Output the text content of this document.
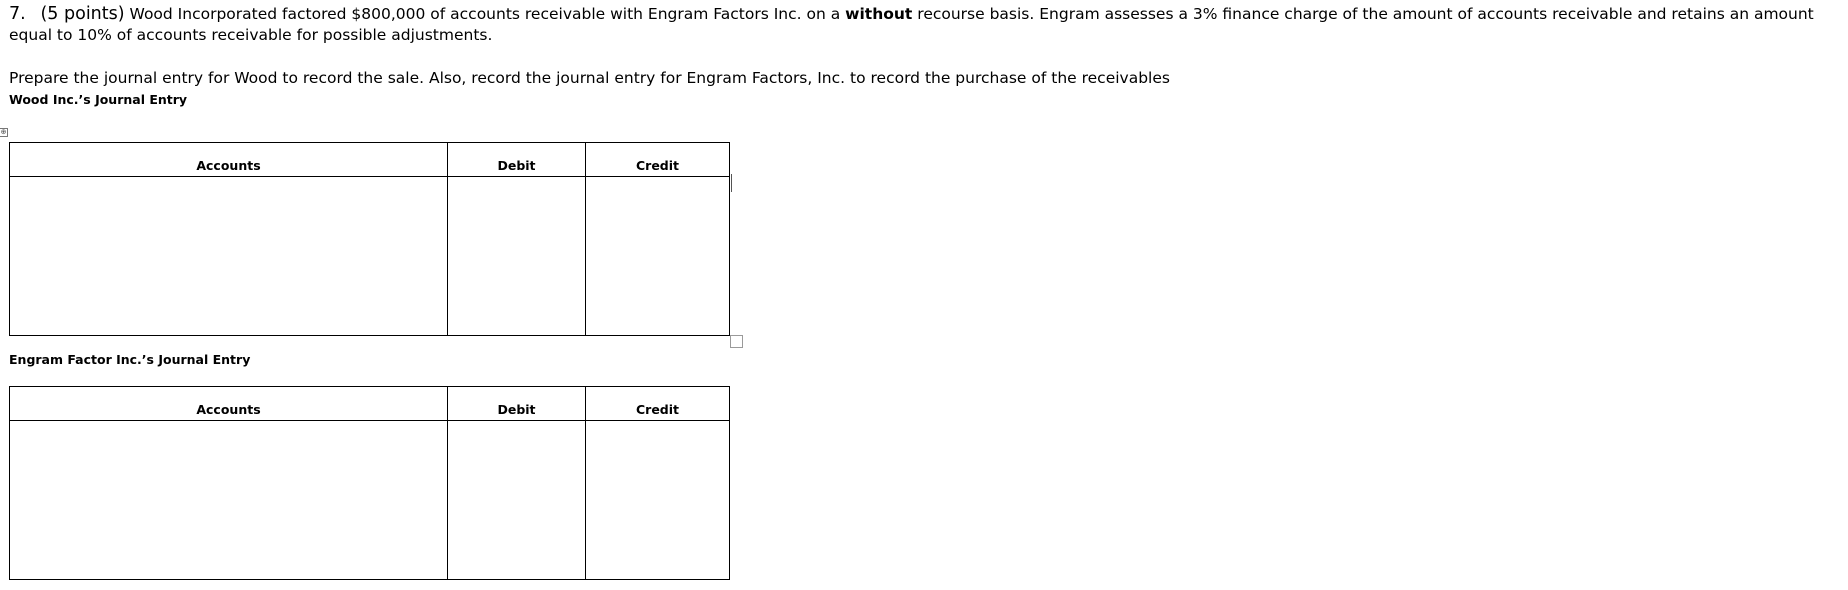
7. (5 points) Wood Incorporated factored $800,000 of accounts receivable with Engram Factors Inc. on a without recourse basis. Engram assesses a 3% finance charge of the amount of accounts receivable and retains an amount equal to 10% of accounts receivable for possible adjustments.
Prepare the journal entry for Wood to record the sale. Also, record the journal entry for Engram Factors, Inc. to record the purchase of the receivables
Wood Inc.’s Journal Entry
⊕
Accounts	Debit	Credit

Engram Factor Inc.’s Journal Entry
Accounts	Debit	Credit
